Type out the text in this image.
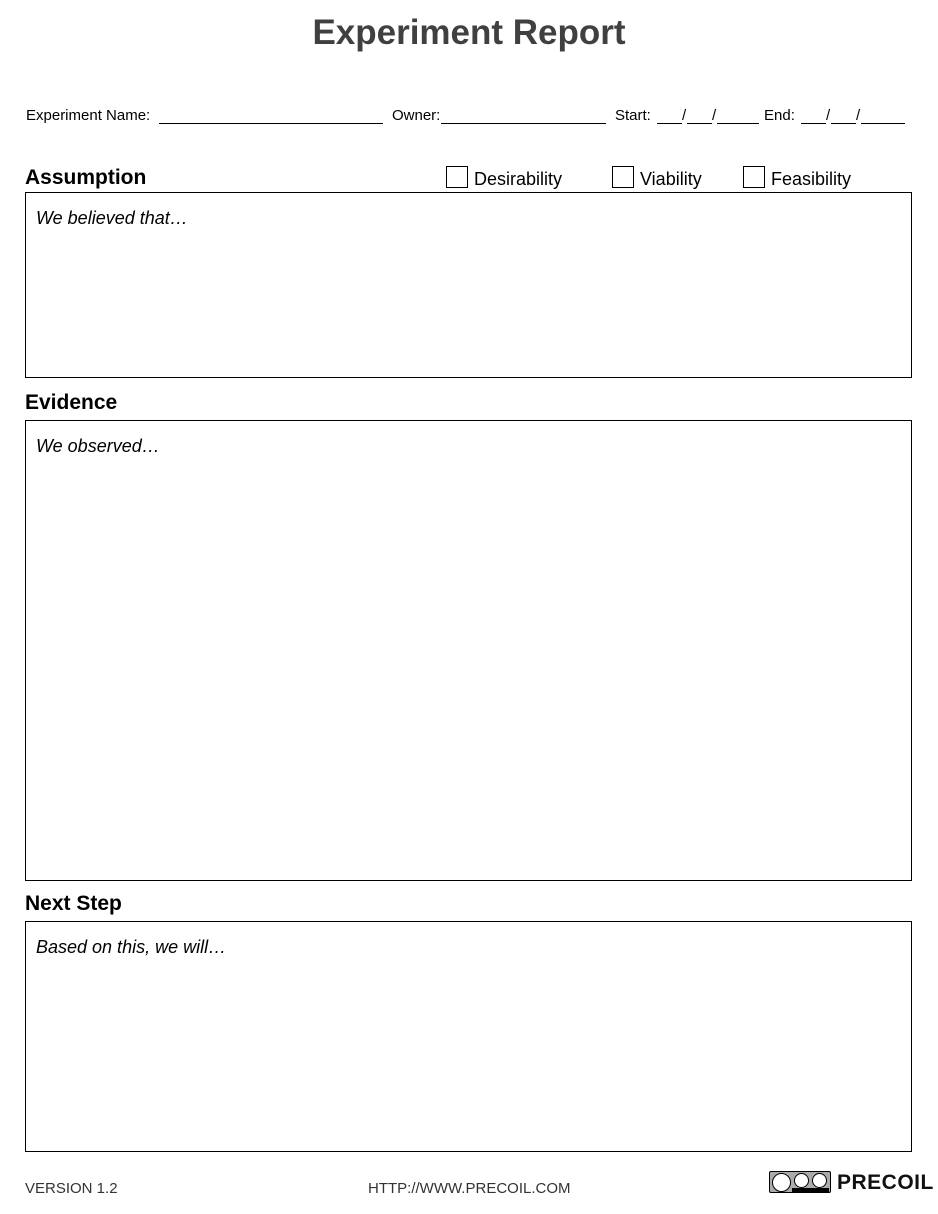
Experiment Report
Experiment Name:	Owner:	Start: / /	End: / /
Assumption	Desirability	Viability	Feasibility
We believed that…
Evidence
We observed…
Next Step
Based on this, we will…
VERSION 1.2	HTTP://WWW.PRECOIL.COM	PRECOIL
